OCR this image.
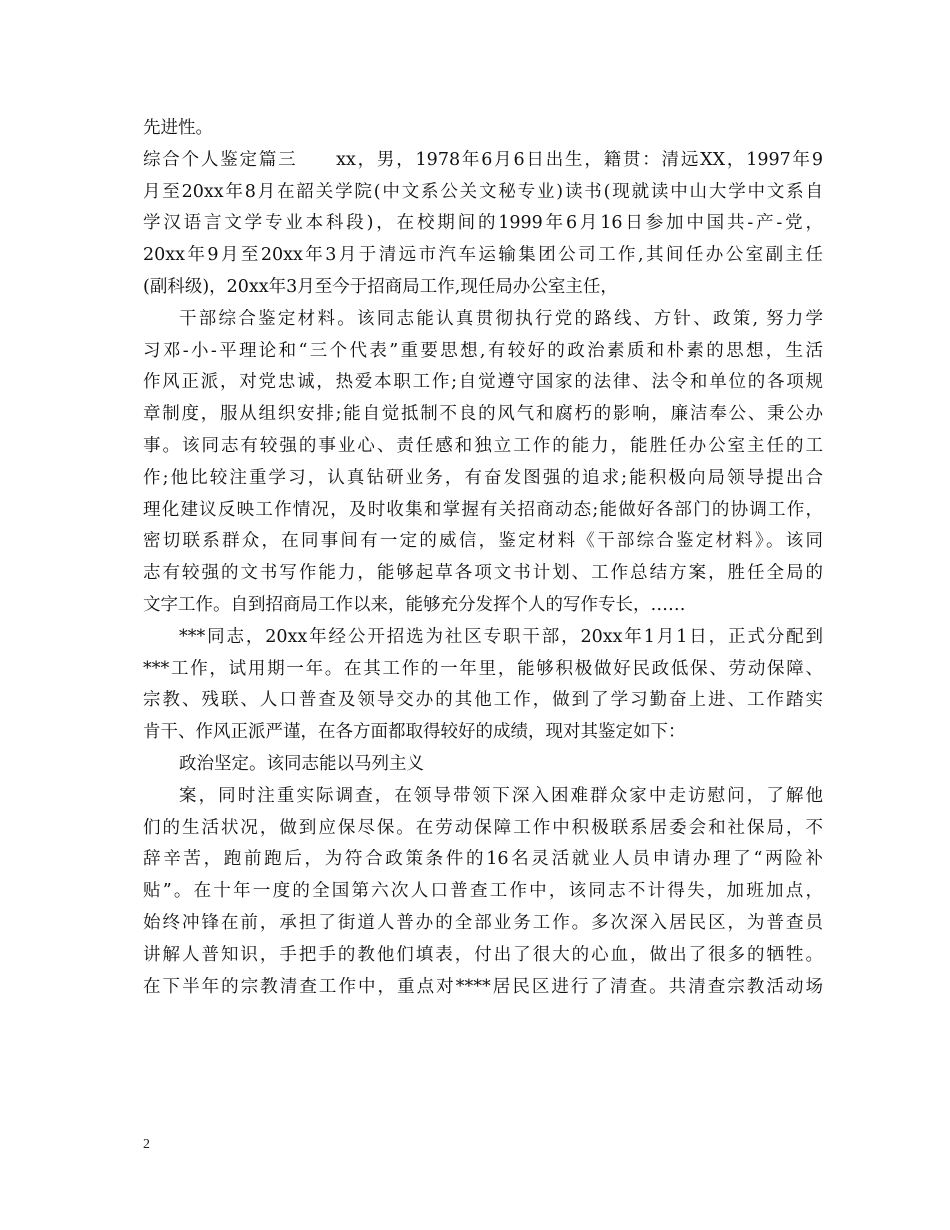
先进性。
综合个人鉴定篇三　　xx，男，1978年6月6日出生，籍贯：清远XX，1997年9
月至20xx年8月在韶关学院(中文系公关文秘专业)读书(现就读中山大学中文系自
学汉语言文学专业本科段)，在校期间的1999年6月16日参加中国共-产-党，
20xx年9月至20xx年3月于清远市汽车运输集团公司工作,其间任办公室副主任
(副科级)，20xx年3月至今于招商局工作,现任局办公室主任，
干部综合鉴定材料。该同志能认真贯彻执行党的路线、方针、政策, 努力学
习邓-小-平理论和“三个代表”重要思想,有较好的政治素质和朴素的思想，生活
作风正派，对党忠诚，热爱本职工作;自觉遵守国家的法律、法令和单位的各项规
章制度，服从组织安排;能自觉抵制不良的风气和腐朽的影响，廉洁奉公、秉公办
事。该同志有较强的事业心、责任感和独立工作的能力，能胜任办公室主任的工
作;他比较注重学习，认真钻研业务，有奋发图强的追求;能积极向局领导提出合
理化建议反映工作情况，及时收集和掌握有关招商动态;能做好各部门的协调工作，
密切联系群众，在同事间有一定的威信，鉴定材料《干部综合鉴定材料》。该同
志有较强的文书写作能力，能够起草各项文书计划、工作总结方案，胜任全局的
文字工作。自到招商局工作以来，能够充分发挥个人的写作专长，……
***同志，20xx年经公开招选为社区专职干部，20xx年1月1日，正式分配到
***工作，试用期一年。在其工作的一年里，能够积极做好民政低保、劳动保障、
宗教、残联、人口普查及领导交办的其他工作，做到了学习勤奋上进、工作踏实
肯干、作风正派严谨，在各方面都取得较好的成绩，现对其鉴定如下：
政治坚定。该同志能以马列主义
案，同时注重实际调查，在领导带领下深入困难群众家中走访慰问，了解他
们的生活状况，做到应保尽保。在劳动保障工作中积极联系居委会和社保局，不
辞辛苦，跑前跑后，为符合政策条件的16名灵活就业人员申请办理了“两险补
贴”。在十年一度的全国第六次人口普查工作中，该同志不计得失，加班加点，
始终冲锋在前，承担了街道人普办的全部业务工作。多次深入居民区，为普查员
讲解人普知识，手把手的教他们填表，付出了很大的心血，做出了很多的牺牲。
在下半年的宗教清查工作中，重点对****居民区进行了清查。共清查宗教活动场
2
